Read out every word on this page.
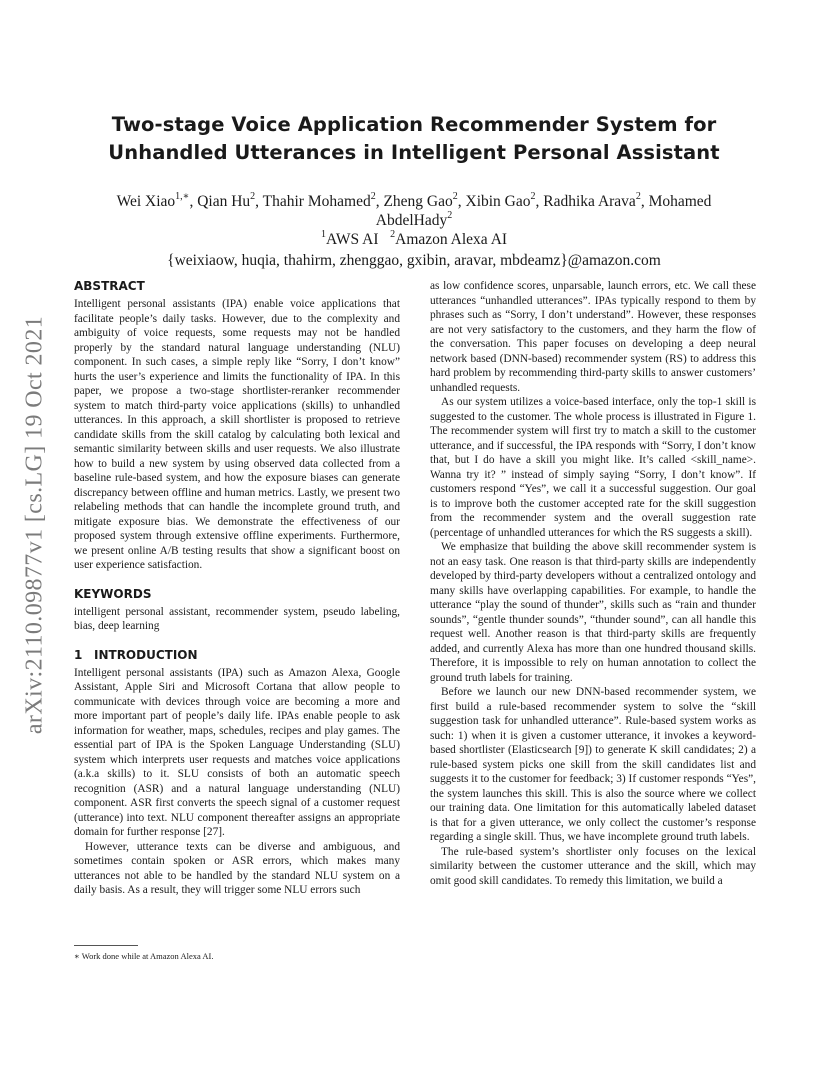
Two-stage Voice Application Recommender System for
Unhandled Utterances in Intelligent Personal Assistant
Wei Xiao$^{1,∗}$, Qian Hu$^2$, Thahir Mohamed$^2$, Zheng Gao$^2$, Xibin Gao$^2$, Radhika Arava$^2$, Mohamed AbdelHady$^2$
$^1$AWS AI $^2$Amazon Alexa AI
{weixiaow, huqia, thahirm, zhenggao, gxibin, aravar, mbdeamz}@amazon.com
arXiv:2110.09877v1 [cs.LG] 19 Oct 2021
ABSTRACT

Intelligent personal assistants (IPA) enable voice applications that facilitate people’s daily tasks. However, due to the complexity and ambiguity of voice requests, some requests may not be handled properly by the standard natural language understanding (NLU) component. In such cases, a simple reply like “Sorry, I don’t know” hurts the user’s experience and limits the functionality of IPA. In this paper, we propose a two-stage shortlister-reranker recommender system to match third-party voice applications (skills) to unhandled utterances. In this approach, a skill shortlister is proposed to retrieve candidate skills from the skill catalog by calculating both lexical and semantic similarity between skills and user requests. We also illustrate how to build a new system by using observed data collected from a baseline rule-based system, and how the exposure biases can generate discrepancy between offline and human metrics. Lastly, we present two relabeling methods that can handle the incomplete ground truth, and mitigate exposure bias. We demonstrate the effectiveness of our proposed system through extensive offline experiments. Furthermore, we present online A/B testing results that show a significant boost on user experience satisfaction.

KEYWORDS

intelligent personal assistant, recommender system, pseudo labeling, bias, deep learning

1 INTRODUCTION

Intelligent personal assistants (IPA) such as Amazon Alexa, Google Assistant, Apple Siri and Microsoft Cortana that allow people to communicate with devices through voice are becoming a more and more important part of people’s daily life. IPAs enable people to ask information for weather, maps, schedules, recipes and play games. The essential part of IPA is the Spoken Language Understanding (SLU) system which interprets user requests and matches voice applications (a.k.a skills) to it. SLU consists of both an automatic speech recognition (ASR) and a natural language understanding (NLU) component. ASR first converts the speech signal of a customer request (utterance) into text. NLU component thereafter assigns an appropriate domain for further response [27].

However, utterance texts can be diverse and ambiguous, and sometimes contain spoken or ASR errors, which makes many utterances not able to be handled by the standard NLU system on a daily basis. As a result, they will trigger some NLU errors such

as low confidence scores, unparsable, launch errors, etc. We call these utterances “unhandled utterances”. IPAs typically respond to them by phrases such as “Sorry, I don’t understand”. However, these responses are not very satisfactory to the customers, and they harm the flow of the conversation. This paper focuses on developing a deep neural network based (DNN-based) recommender system (RS) to address this hard problem by recommending third-party skills to answer customers’ unhandled requests.

As our system utilizes a voice-based interface, only the top-1 skill is suggested to the customer. The whole process is illustrated in Figure 1. The recommender system will first try to match a skill to the customer utterance, and if successful, the IPA responds with “Sorry, I don’t know that, but I do have a skill you might like. It’s called <skill_name>. Wanna try it? ” instead of simply saying “Sorry, I don’t know”. If customers respond “Yes”, we call it a successful suggestion. Our goal is to improve both the customer accepted rate for the skill suggestion from the recommender system and the overall suggestion rate (percentage of unhandled utterances for which the RS suggests a skill).

We emphasize that building the above skill recommender system is not an easy task. One reason is that third-party skills are independently developed by third-party developers without a centralized ontology and many skills have overlapping capabilities. For example, to handle the utterance “play the sound of thunder”, skills such as “rain and thunder sounds”, “gentle thunder sounds”, “thunder sound”, can all handle this request well. Another reason is that third-party skills are frequently added, and currently Alexa has more than one hundred thousand skills. Therefore, it is impossible to rely on human annotation to collect the ground truth labels for training.

Before we launch our new DNN-based recommender system, we first build a rule-based recommender system to solve the “skill suggestion task for unhandled utterance”. Rule-based system works as such: 1) when it is given a customer utterance, it invokes a keyword-based shortlister (Elasticsearch [9]) to generate K skill candidates; 2) a rule-based system picks one skill from the skill candidates list and suggests it to the customer for feedback; 3) If customer responds “Yes”, the system launches this skill. This is also the source where we collect our training data. One limitation for this automatically labeled dataset is that for a given utterance, we only collect the customer’s response regarding a single skill. Thus, we have incomplete ground truth labels.

The rule-based system’s shortlister only focuses on the lexical similarity between the customer utterance and the skill, which may omit good skill candidates. To remedy this limitation, we build a

∗ Work done while at Amazon Alexa AI.
